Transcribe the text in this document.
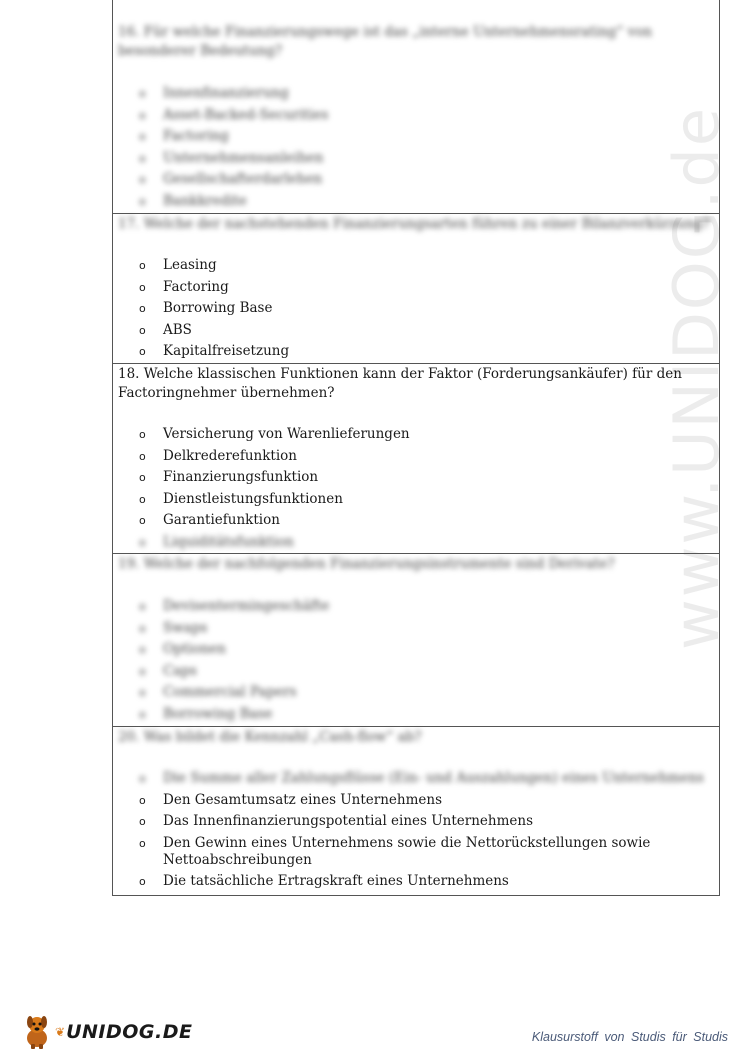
www.UNIDOG.de
16. Für welche Finanzierungswege ist das „interne Unternehmensrating“ von besonderer Bedeutung?
o Innenfinanzierung
o Asset-Backed-Securities
o Factoring
o Unternehmensanleihen
o Gesellschafterdarlehen
o Bankkredite
17. Welche der nachstehenden Finanzierungsarten führen zu einer Bilanzverkürzung?
o Leasing
o Factoring
o Borrowing Base
o ABS
o Kapitalfreisetzung
18. Welche klassischen Funktionen kann der Faktor (Forderungsankäufer) für den Factoringnehmer übernehmen?
o Versicherung von Warenlieferungen
o Delkrederefunktion
o Finanzierungsfunktion
o Dienstleistungsfunktionen
o Garantiefunktion
o Liquiditätsfunktion
19. Welche der nachfolgenden Finanzierungsinstrumente sind Derivate?
o Devisentermingeschäfte
o Swaps
o Optionen
o Caps
o Commercial Papers
o Borrowing Base
20. Was bildet die Kennzahl „Cash-flow“ ab?
o Die Summe aller Zahlungsflüsse (Ein- und Auszahlungen) eines Unternehmens
o Den Gesamtumsatz eines Unternehmens
o Das Innenfinanzierungspotential eines Unternehmens
o Den Gewinn eines Unternehmens sowie die Nettorückstellungen sowie Nettoabschreibungen
o Die tatsächliche Ertragskraft eines Unternehmens
❦ UNIDOG.DE	Klausurstoff von Studis für Studis
